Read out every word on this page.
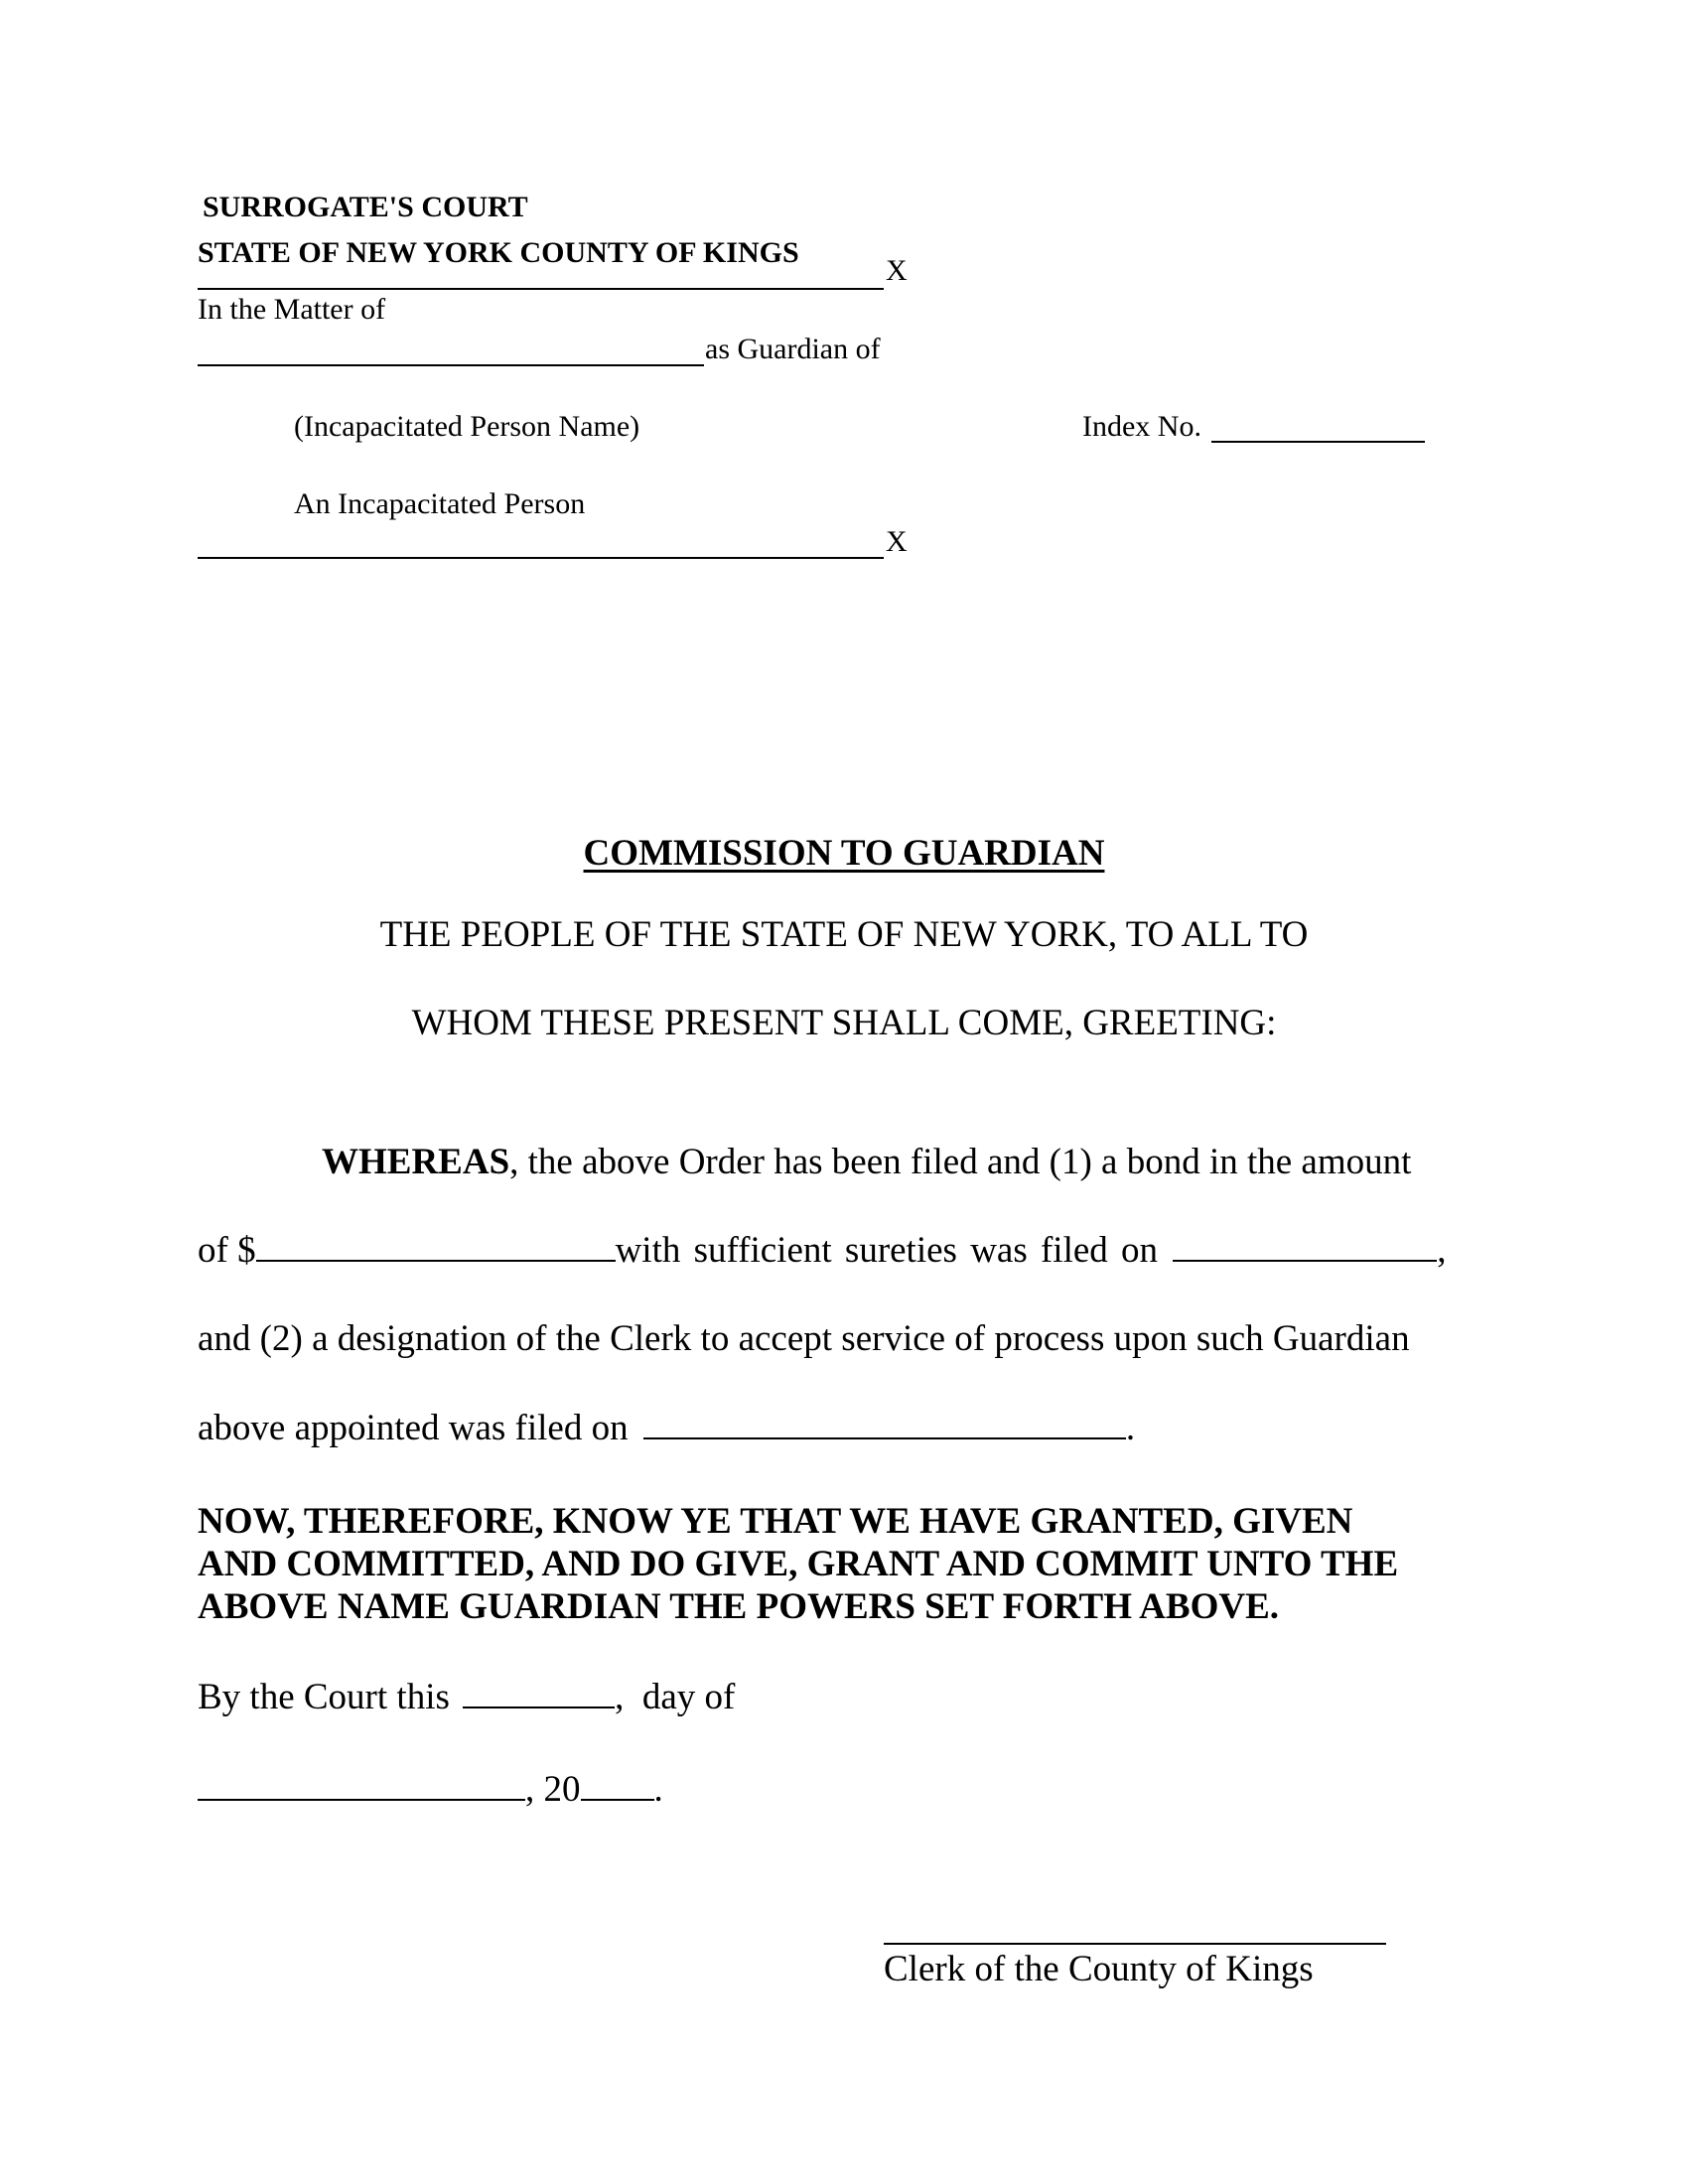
SURROGATE'S COURT
STATE OF NEW YORK COUNTY OF KINGS
X
In the Matter of
as Guardian of
(Incapacitated Person Name)	Index No.
An Incapacitated Person
X
COMMISSION TO GUARDIAN
THE PEOPLE OF THE STATE OF NEW YORK, TO ALL TO
WHOM THESE PRESENT SHALL COME, GREETING:
WHEREAS, the above Order has been filed and (1) a bond in the amount
of $	with sufficient sureties was filed on	,
and (2) a designation of the Clerk to accept service of process upon such Guardian
above appointed was filed on	.
NOW, THEREFORE, KNOW YE THAT WE HAVE GRANTED, GIVEN
AND COMMITTED, AND DO GIVE, GRANT AND COMMIT UNTO THE
ABOVE NAME GUARDIAN THE POWERS SET FORTH ABOVE.
By the Court this	,  day of
, 20 .
Clerk of the County of Kings
